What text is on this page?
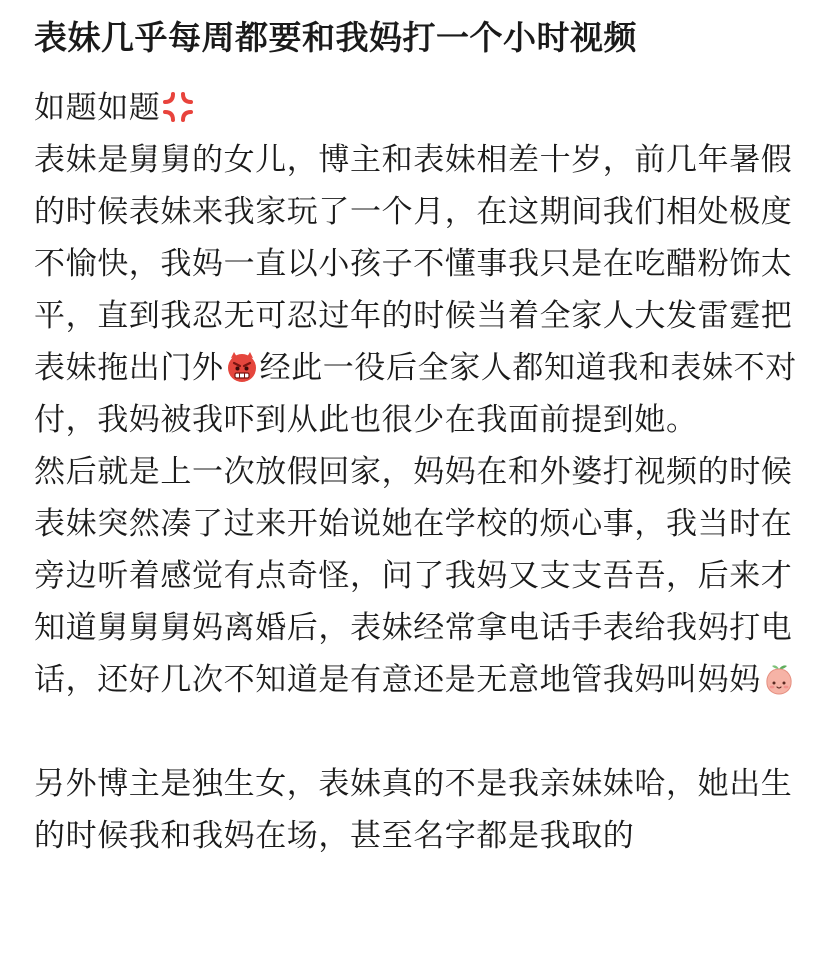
表妹几乎每周都要和我妈打一个小时视频

如题如题

表妹是舅舅的女儿，博主和表妹相差十岁，前几年暑假的时候表妹来我家玩了一个月，在这期间我们相处极度不愉快，我妈一直以小孩子不懂事我只是在吃醋粉饰太平，直到我忍无可忍过年的时候当着全家人大发雷霆把表妹拖出门外 经此一役后全家人都知道我和表妹不对付，我妈被我吓到从此也很少在我面前提到她。

然后就是上一次放假回家，妈妈在和外婆打视频的时候表妹突然凑了过来开始说她在学校的烦心事，我当时在旁边听着感觉有点奇怪，问了我妈又支支吾吾，后来才知道舅舅舅妈离婚后，表妹经常拿电话手表给我妈打电话，还好几次不知道是有意还是无意地管我妈叫妈妈

另外博主是独生女，表妹真的不是我亲妹妹哈，她出生的时候我和我妈在场，甚至名字都是我取的
